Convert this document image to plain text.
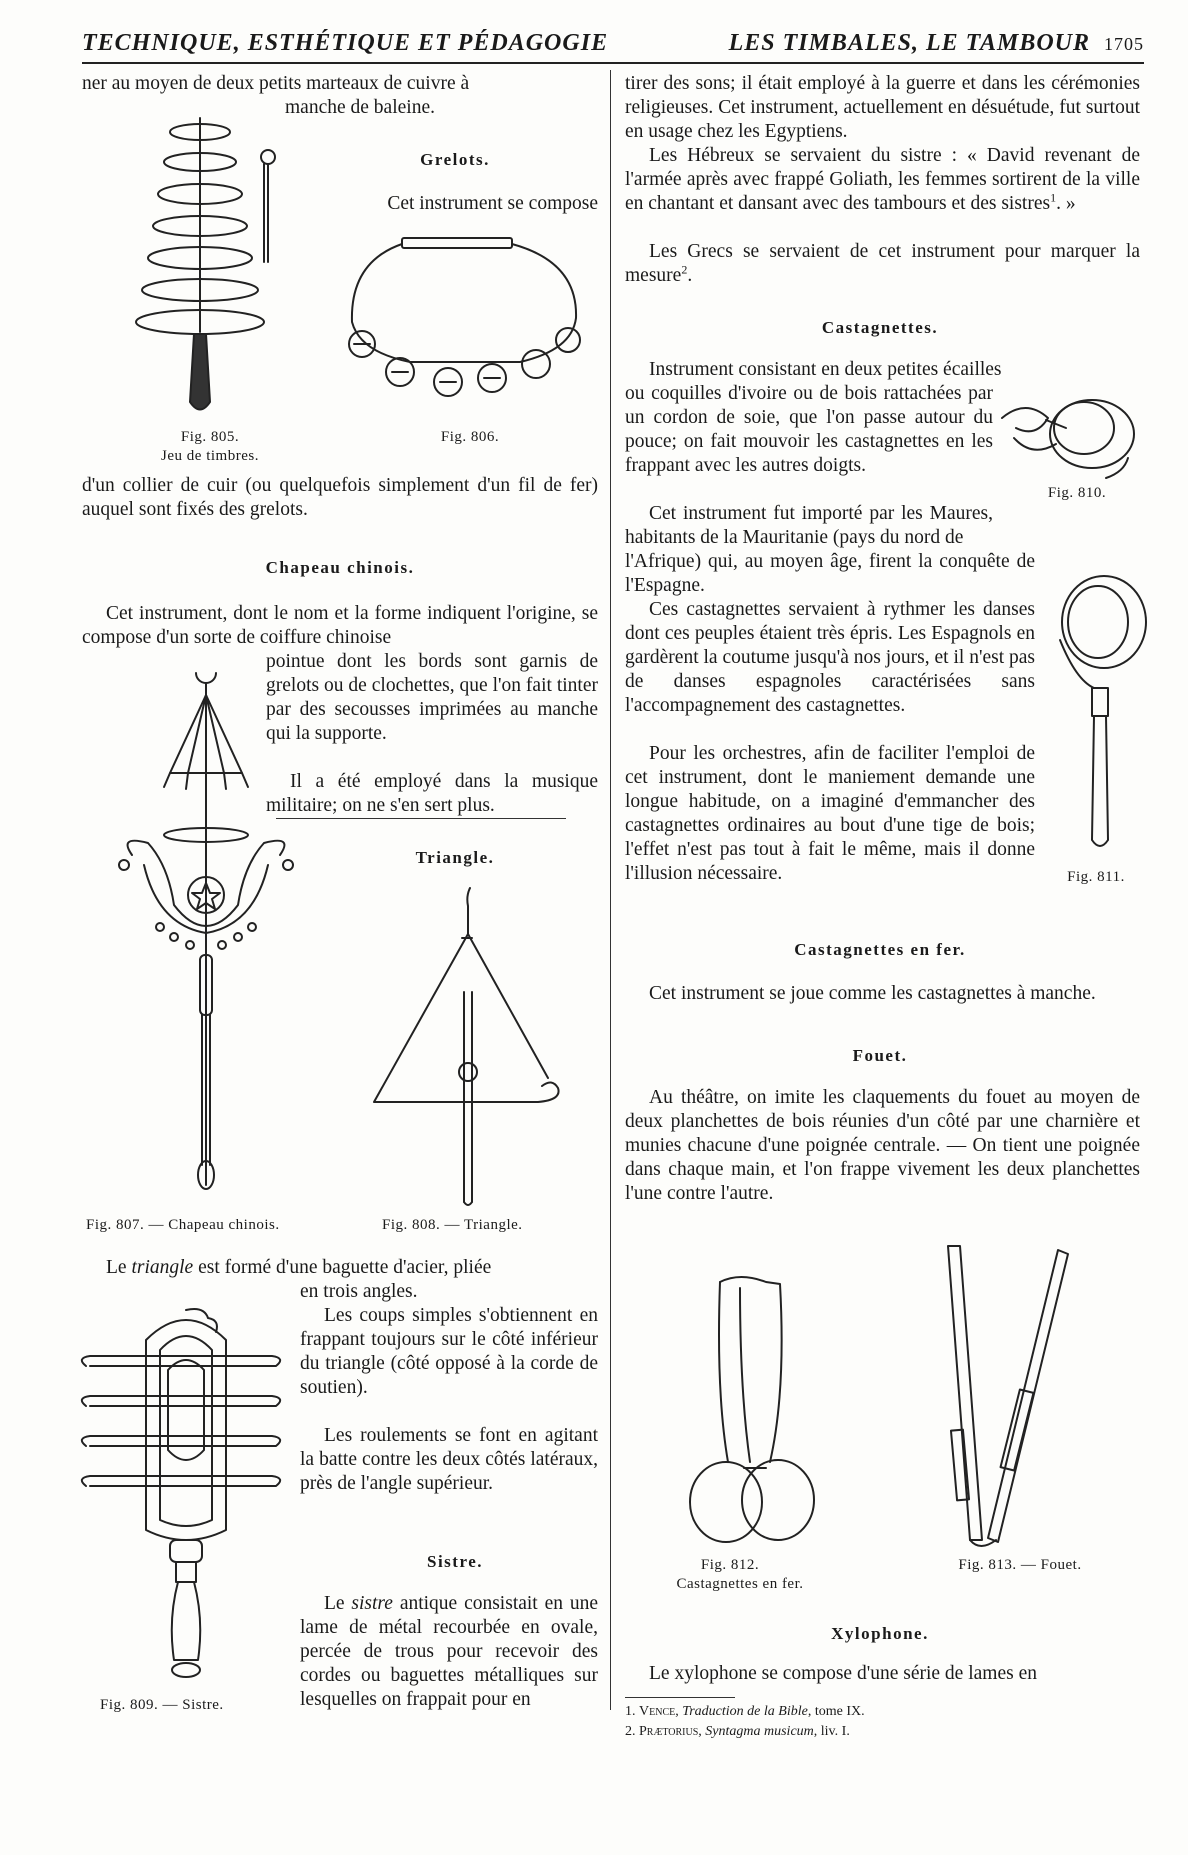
TECHNIQUE, ESTHÉTIQUE ET PÉDAGOGIE	LES TIMBALES, LE TAMBOUR 1705
ner au moyen de deux petits marteaux de cuivre à
manche de baleine.
Fig. 805.
Jeu de timbres.
Grelots.
Cet instrument se compose
Fig. 806.
d'un collier de cuir (ou quelquefois simplement d'un fil de fer) auquel sont fixés des grelots.
Chapeau chinois.
Cet instrument, dont le nom et la forme indiquent l'origine, se compose d'un sorte de coiffure chinoise
pointue dont les bords sont garnis de grelots ou de clochettes, que l'on fait tinter par des secousses imprimées au manche qui la supporte.
Il a été employé dans la musique militaire; on ne s'en sert plus.
Triangle.
Fig. 807. — Chapeau chinois.	Fig. 808. — Triangle.
Le triangle est formé d'une baguette d'acier, pliée
en trois angles.
Les coups simples s'obtiennent en frappant toujours sur le côté inférieur du triangle (côté opposé à la corde de soutien).
Les roulements se font en agitant la batte contre les deux côtés latéraux, près de l'angle supérieur.
Fig. 809. — Sistre.
Sistre.
Le sistre antique consistait en une lame de métal recourbée en ovale, percée de trous pour recevoir des cordes ou baguettes métalliques sur lesquelles on frappait pour en
tirer des sons; il était employé à la guerre et dans les cérémonies religieuses. Cet instrument, actuellement en désuétude, fut surtout en usage chez les Egyptiens.
Les Hébreux se servaient du sistre : « David revenant de l'armée après avec frappé Goliath, les femmes sortirent de la ville en chantant et dansant avec des tambours et des sistres$^1$. »
Les Grecs se servaient de cet instrument pour marquer la mesure$^2$.
Castagnettes.
Instrument consistant en deux petites écailles
ou coquilles d'ivoire ou de bois rattachées par un cordon de soie, que l'on passe autour du pouce; on fait mouvoir les castagnettes en les frappant avec les autres doigts.
Fig. 810.
Cet instrument fut importé par les Maures, habitants de la Mauritanie (pays du nord de
l'Afrique) qui, au moyen âge, firent la conquête de l'Espagne.
Ces castagnettes servaient à rythmer les danses dont ces peuples étaient très épris. Les Espagnols en gardèrent la coutume jusqu'à nos jours, et il n'est pas de danses espagnoles caractérisées sans l'accompagnement des castagnettes.
Pour les orchestres, afin de faciliter l'emploi de cet instrument, dont le maniement demande une longue habitude, on a imaginé d'emmancher des castagnettes ordinaires au bout d'une tige de bois; l'effet n'est pas tout à fait le même, mais il donne l'illusion nécessaire.	Fig. 811.
Castagnettes en fer.
Cet instrument se joue comme les castagnettes à manche.
Fouet.
Au théâtre, on imite les claquements du fouet au moyen de deux planchettes de bois réunies d'un côté par une charnière et munies chacune d'une poignée centrale. — On tient une poignée dans chaque main, et l'on frappe vivement les deux planchettes l'une contre l'autre.
Fig. 812.
Castagnettes en fer.
Fig. 813. — Fouet.
Xylophone.
Le xylophone se compose d'une série de lames en
1. Vence, Traduction de la Bible, tome IX.
2. Prætorius, Syntagma musicum, liv. I.
